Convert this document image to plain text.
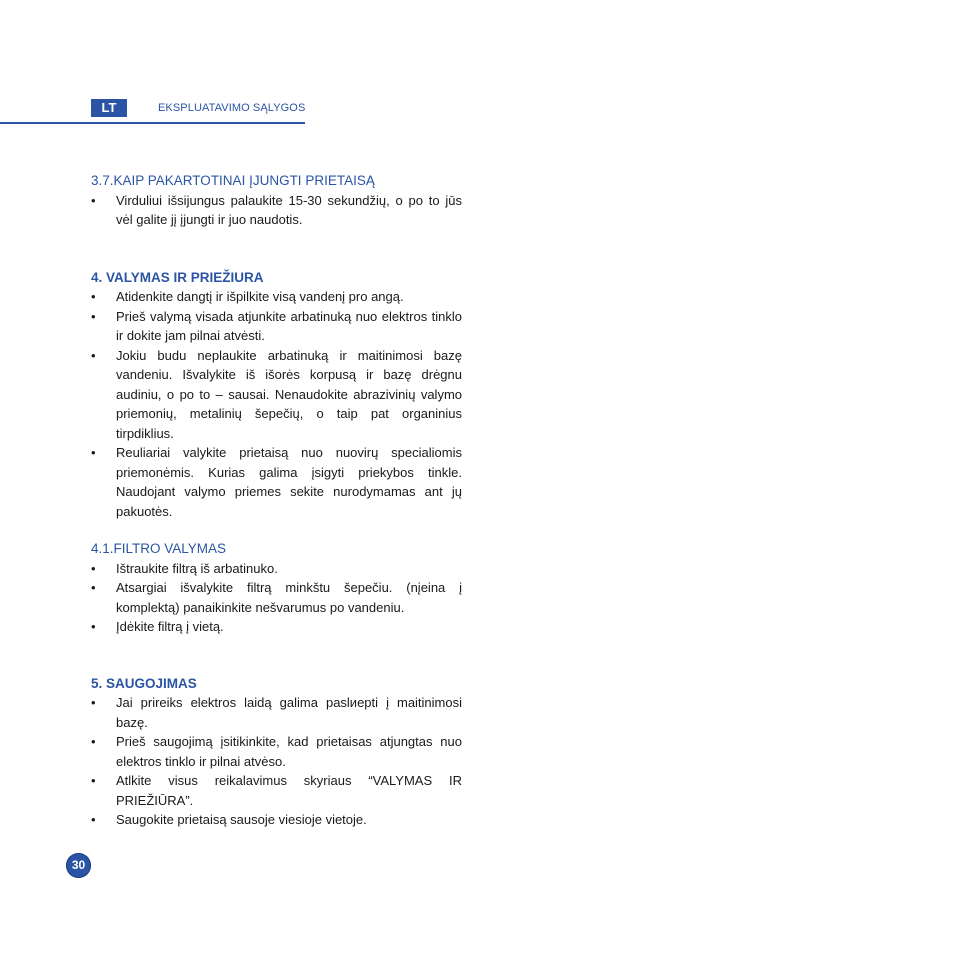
LT	EKSPLUATAVIMO SĄLYGOS
3.7.KAIP PAKARTOTINAI ĮJUNGTI PRIETAISĄ
• Virduliui išsijungus palaukite 15-30 sekundžių, o po to jūs vėl galite jį įjungti ir juo naudotis.
4. VALYMAS IR PRIEŽIURA
• Atidenkite dangtį ir išpilkite visą vandenį pro angą.
• Prieš valymą visada atjunkite arbatinuką nuo elektros tinklo ir dokite jam pilnai atvėsti.
• Jokiu budu neplaukite arbatinuką ir maitinimosi bazę vandeniu. Išvalykite iš išorės korpusą ir bazę drėgnu audiniu, o po to – sausai. Nenaudokite abrazivinių valymo priemonių, metalinių šepečių, o taip pat organinius tirpdiklius.
• Reuliariai valykite prietaisą nuo nuovirų specialiomis priemonėmis. Kurias galima įsigyti priekybos tinkle. Naudojant valymo priemes sekite nurodymamas ant jų pakuotės.
4.1.FILTRO VALYMAS
• Ištraukite filtrą iš arbatinuko.
• Atsargiai išvalykite filtrą minkštu šepečiu. (nįeina į komplektą) panaikinkite nešvarumus po vandeniu.
• Įdėkite filtrą į vietą.
5. SAUGOJIMAS
• Jai prireiks elektros laidą galima paslиepti į maitinimosi bazę.
• Prieš saugojimą įsitikinkite, kad prietaisas atjungtas nuo elektros tinklo ir pilnai atvėso.
• Atlkite visus reikalavimus skyriaus “VALYMAS IR PRIEŽIŪRA”.
• Saugokite prietaisą sausoje viesioje vietoje.
30
